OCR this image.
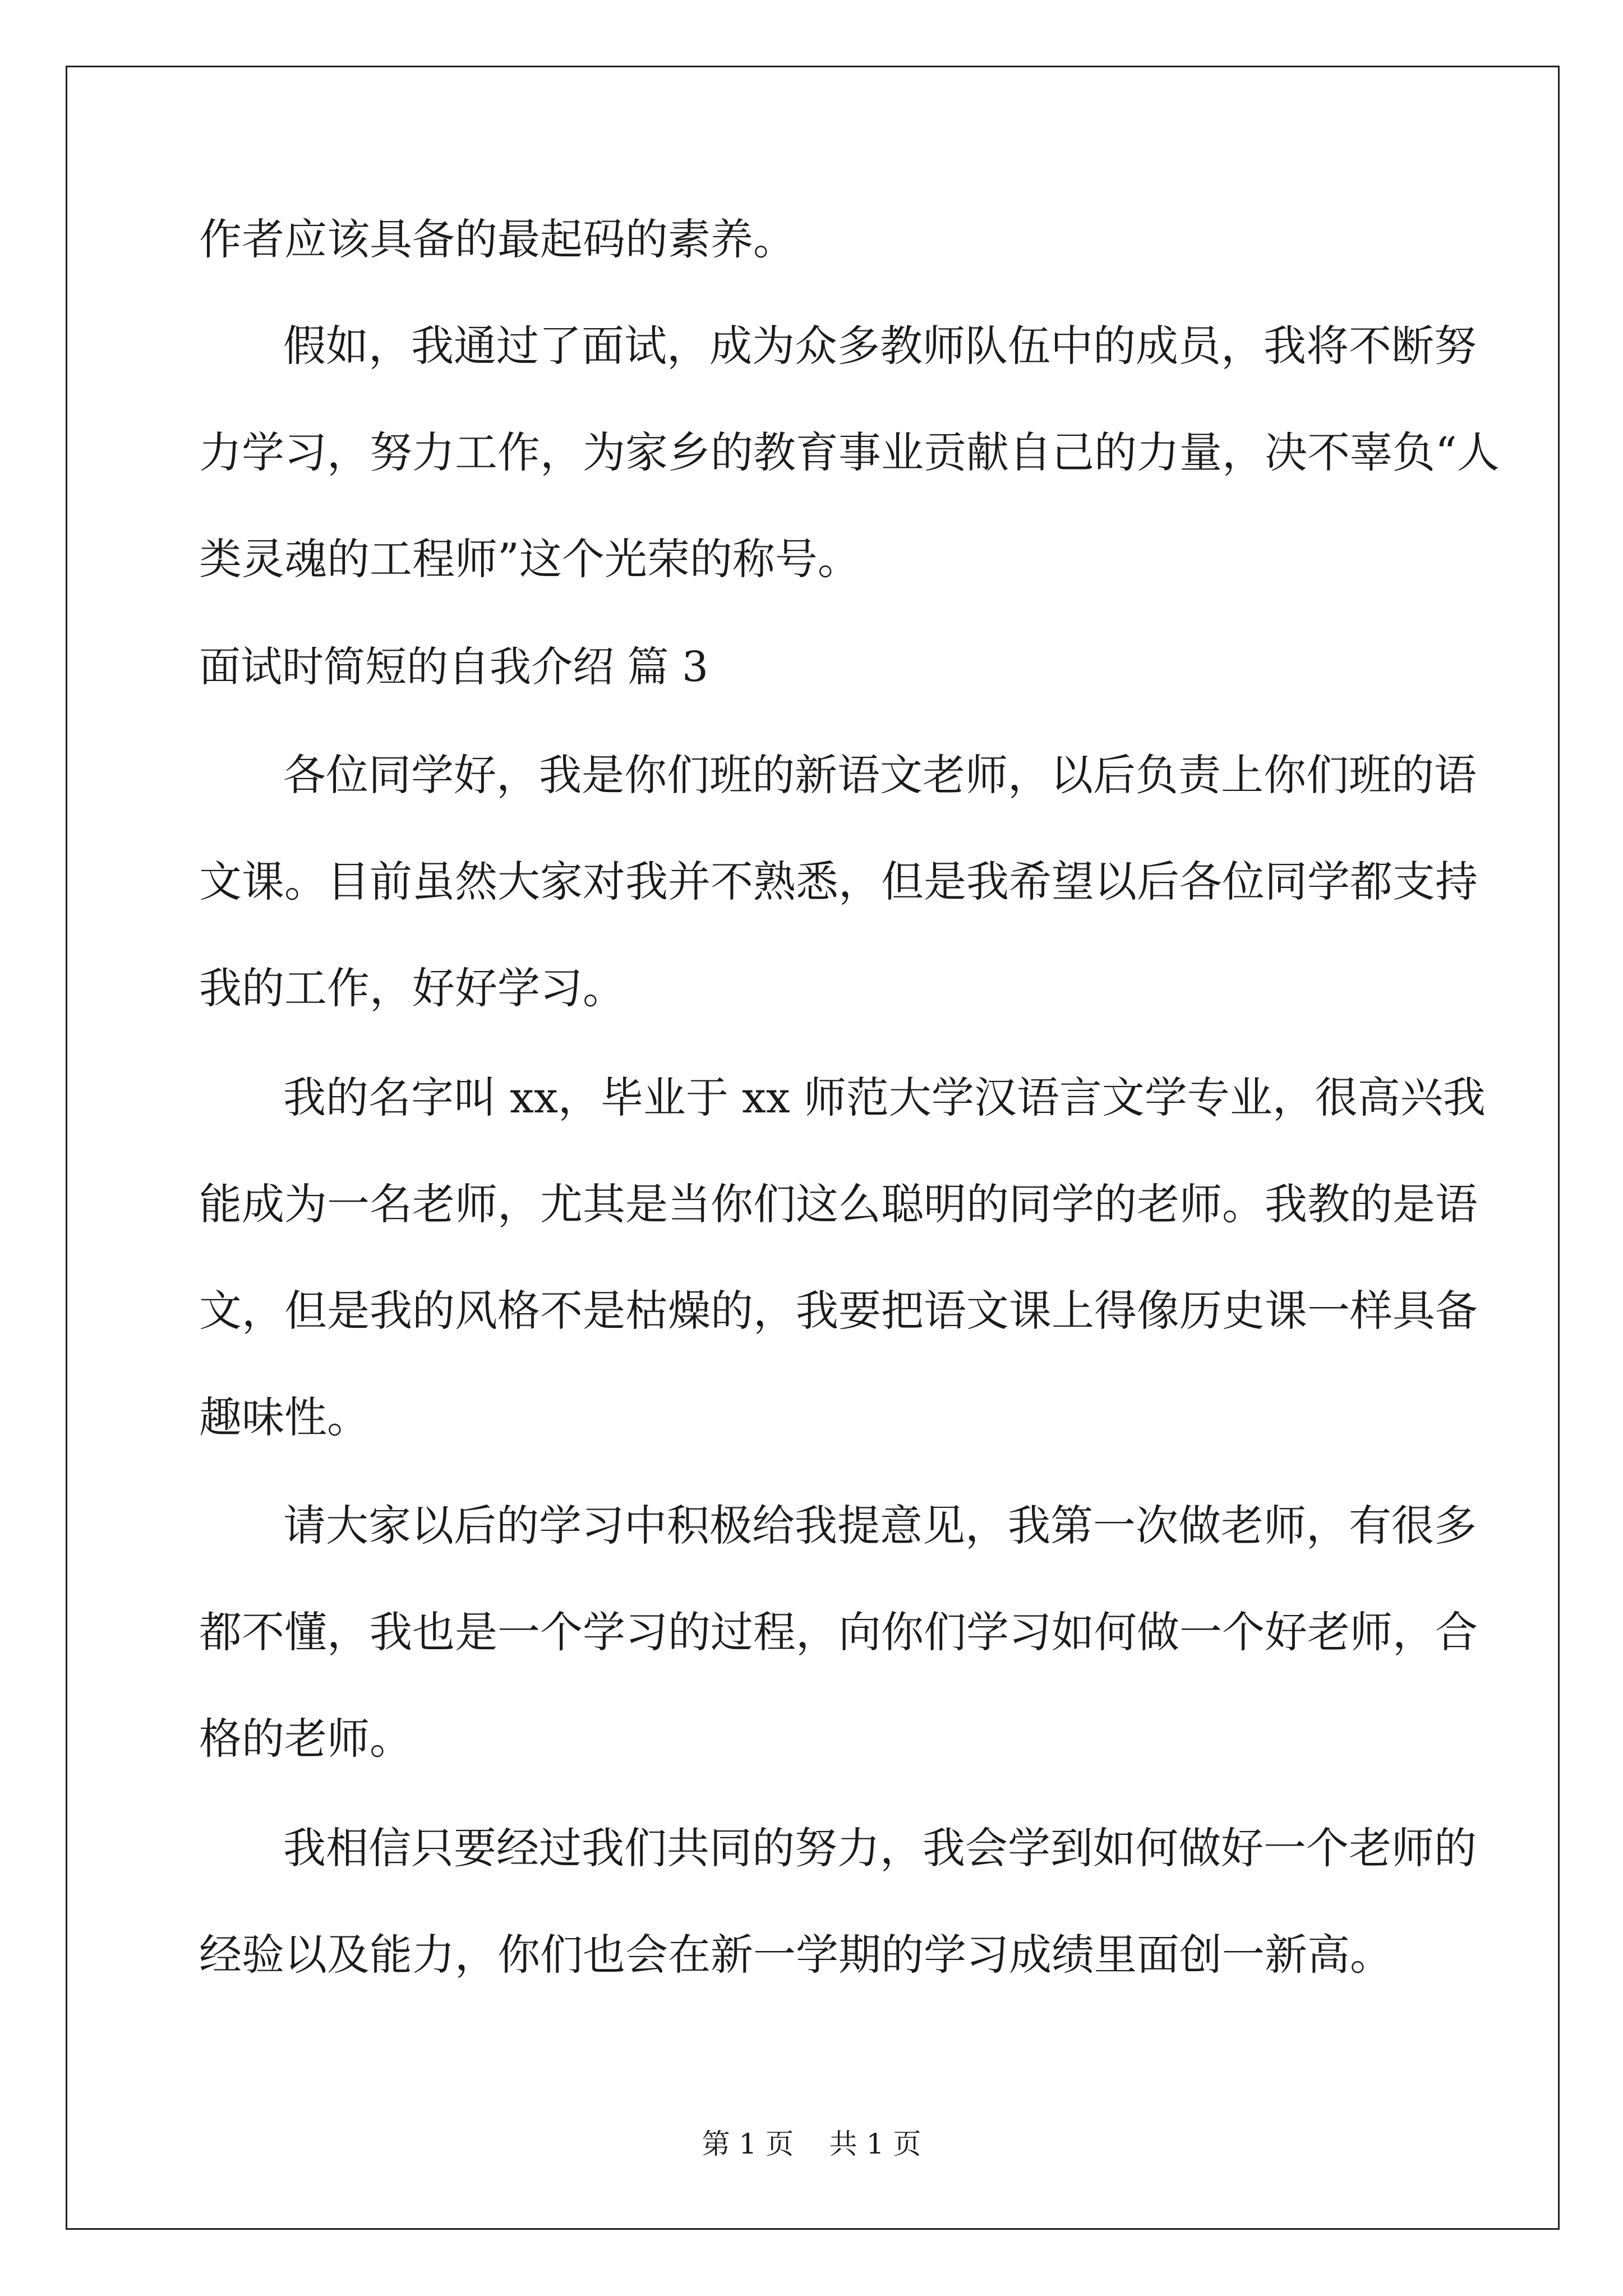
作者应该具备的最起码的素养。
假如，我通过了面试，成为众多教师队伍中的成员，我将不断努
力学习，努力工作，为家乡的教育事业贡献自己的力量，决不辜负“人
类灵魂的工程师”这个光荣的称号。
面试时简短的自我介绍 篇 3
各位同学好，我是你们班的新语文老师，以后负责上你们班的语
文课。目前虽然大家对我并不熟悉，但是我希望以后各位同学都支持
我的工作，好好学习。
我的名字叫 xx，毕业于 xx 师范大学汉语言文学专业，很高兴我
能成为一名老师，尤其是当你们这么聪明的同学的老师。我教的是语
文，但是我的风格不是枯燥的，我要把语文课上得像历史课一样具备
趣味性。
请大家以后的学习中积极给我提意见，我第一次做老师，有很多
都不懂，我也是一个学习的过程，向你们学习如何做一个好老师，合
格的老师。
我相信只要经过我们共同的努力，我会学到如何做好一个老师的
经验以及能力，你们也会在新一学期的学习成绩里面创一新高。
第 1 页    共 1 页
